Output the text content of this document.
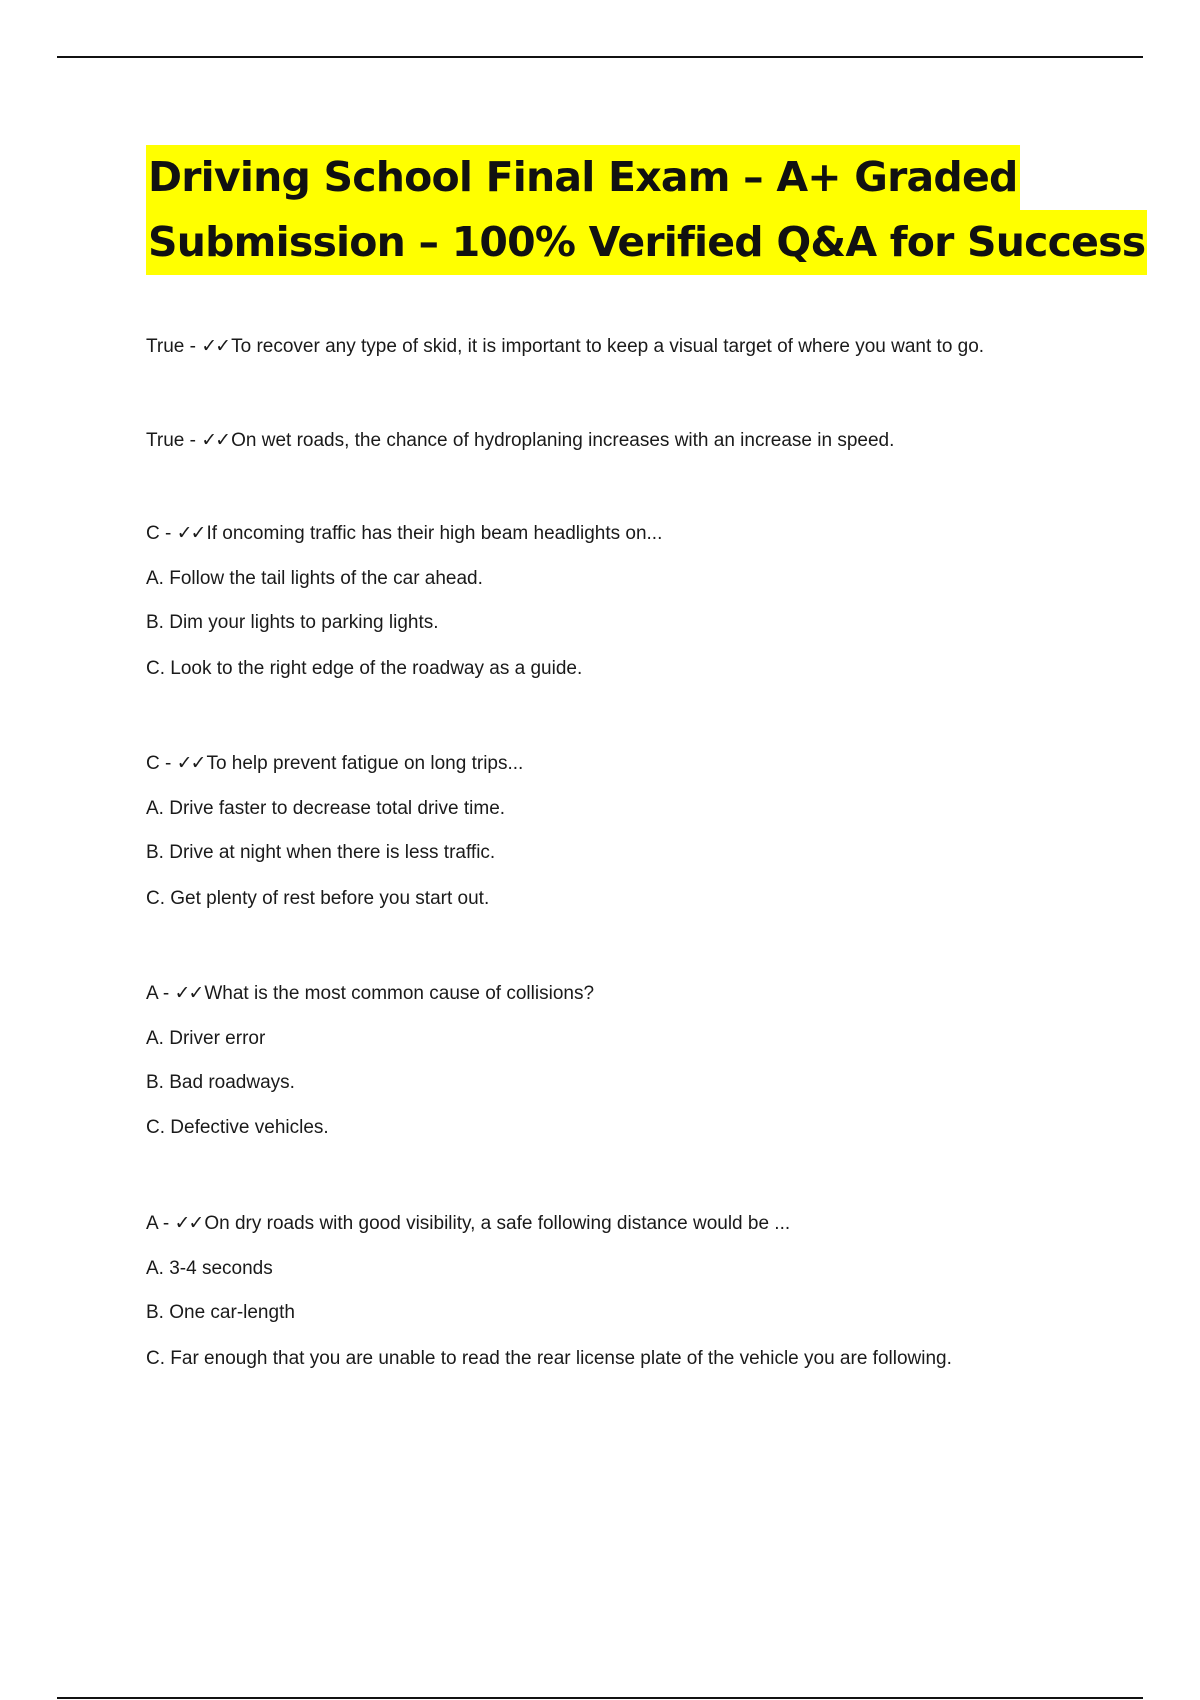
Driving School Final Exam – A+ Graded
Submission – 100% Verified Q&A for Success
True - ✓✓ To recover any type of skid, it is important to keep a visual target of where you want to go.
True - ✓✓ On wet roads, the chance of hydroplaning increases with an increase in speed.
C - ✓✓ If oncoming traffic has their high beam headlights on...
A. Follow the tail lights of the car ahead.
B. Dim your lights to parking lights.
C. Look to the right edge of the roadway as a guide.
C - ✓✓ To help prevent fatigue on long trips...
A. Drive faster to decrease total drive time.
B. Drive at night when there is less traffic.
C. Get plenty of rest before you start out.
A - ✓✓ What is the most common cause of collisions?
A. Driver error
B. Bad roadways.
C. Defective vehicles.
A - ✓✓ On dry roads with good visibility, a safe following distance would be ...
A. 3-4 seconds
B. One car-length
C. Far enough that you are unable to read the rear license plate of the vehicle you are following.
